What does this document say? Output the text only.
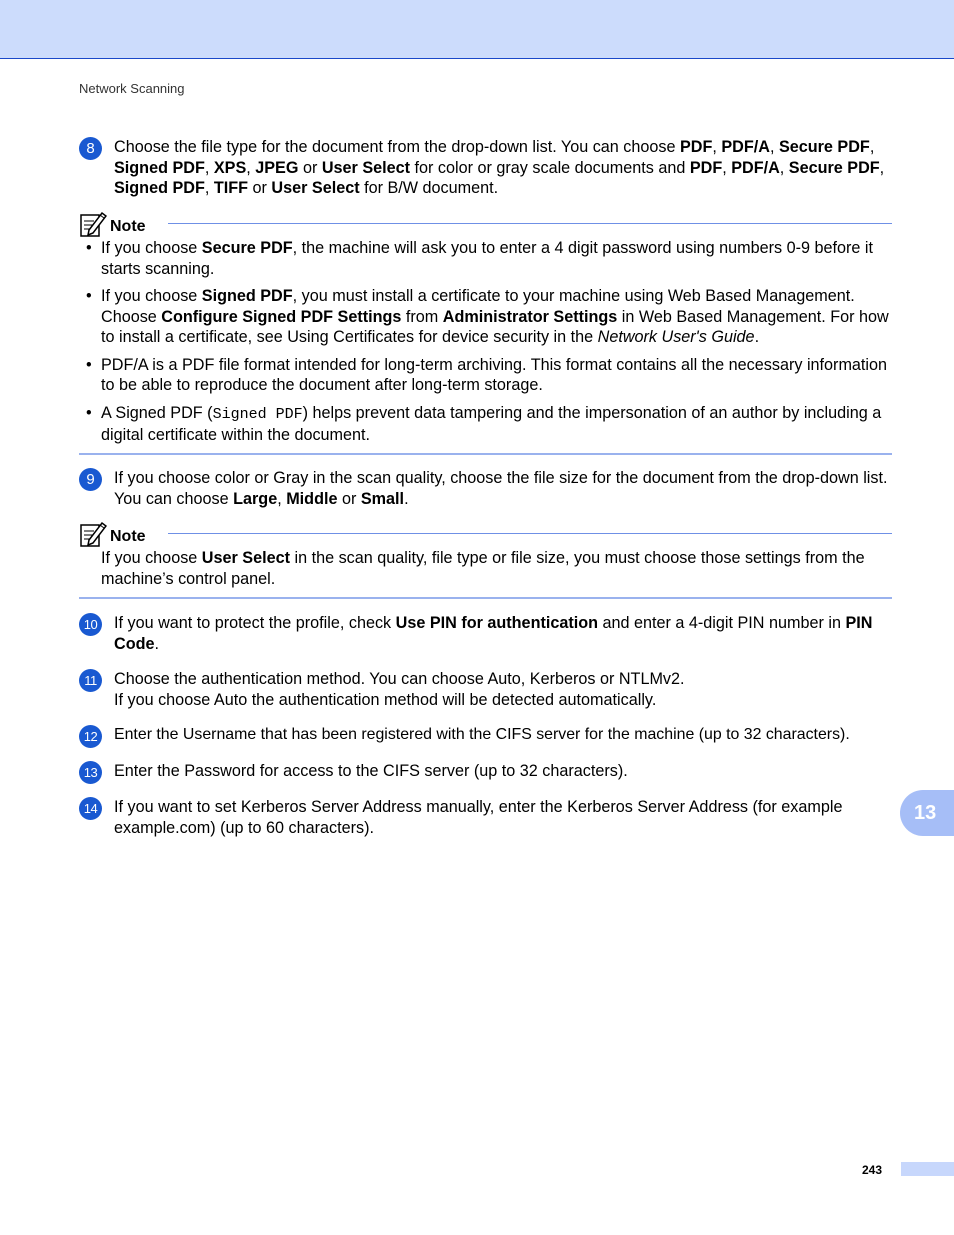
Network Scanning
8	Choose the file type for the document from the drop-down list. You can choose PDF, PDF/A, Secure PDF, Signed PDF, XPS, JPEG or User Select for color or gray scale documents and PDF, PDF/A, Secure PDF, Signed PDF, TIFF or User Select for B/W document.
Note
• If you choose Secure PDF, the machine will ask you to enter a 4 digit password using numbers 0-9 before it starts scanning.
• If you choose Signed PDF, you must install a certificate to your machine using Web Based Management. Choose Configure Signed PDF Settings from Administrator Settings in Web Based Management. For how to install a certificate, see Using Certificates for device security in the Network User's Guide.
• PDF/A is a PDF file format intended for long-term archiving. This format contains all the necessary information to be able to reproduce the document after long-term storage.
• A Signed PDF (Signed PDF) helps prevent data tampering and the impersonation of an author by including a digital certificate within the document.
9	If you choose color or Gray in the scan quality, choose the file size for the document from the drop-down list. You can choose Large, Middle or Small.
Note
If you choose User Select in the scan quality, file type or file size, you must choose those settings from the machine’s control panel.
10 If you want to protect the profile, check Use PIN for authentication and enter a 4-digit PIN number in PIN Code.
11	Choose the authentication method. You can choose Auto, Kerberos or NTLMv2.
If you choose Auto the authentication method will be detected automatically.
12 Enter the Username that has been registered with the CIFS server for the machine (up to 32 characters).
13 Enter the Password for access to the CIFS server (up to 32 characters).
14 If you want to set Kerberos Server Address manually, enter the Kerberos Server Address (for example example.com) (up to 60 characters).
13
243
